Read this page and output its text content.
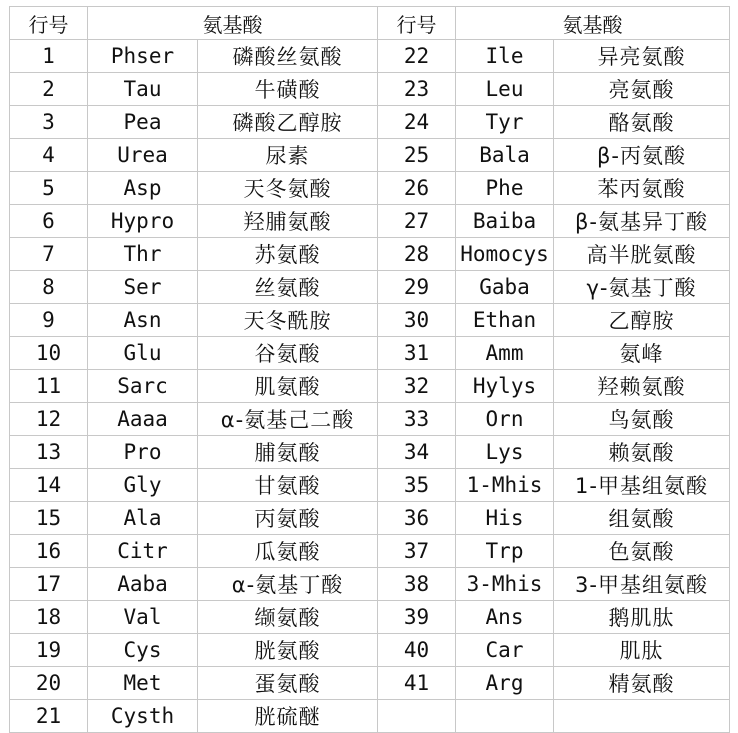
行号	氨基酸		行号	氨基酸	
1	Phser	磷酸丝氨酸	22	Ile	异亮氨酸
2	Tau	牛磺酸	23	Leu	亮氨酸
3	Pea	磷酸乙醇胺	24	Tyr	酪氨酸
4	Urea	尿素	25	Bala	β-丙氨酸
5	Asp	天冬氨酸	26	Phe	苯丙氨酸
6	Hypro	羟脯氨酸	27	Baiba	β-氨基异丁酸
7	Thr	苏氨酸	28	Homocys	高半胱氨酸
8	Ser	丝氨酸	29	Gaba	γ-氨基丁酸
9	Asn	天冬酰胺	30	Ethan	乙醇胺
10	Glu	谷氨酸	31	Amm	氨峰
11	Sarc	肌氨酸	32	Hylys	羟赖氨酸
12	Aaaa	α-氨基己二酸	33	Orn	鸟氨酸
13	Pro	脯氨酸	34	Lys	赖氨酸
14	Gly	甘氨酸	35	1-Mhis	1-甲基组氨酸
15	Ala	丙氨酸	36	His	组氨酸
16	Citr	瓜氨酸	37	Trp	色氨酸
17	Aaba	α-氨基丁酸	38	3-Mhis	3-甲基组氨酸
18	Val	缬氨酸	39	Ans	鹅肌肽
19	Cys	胱氨酸	40	Car	肌肽
20	Met	蛋氨酸	41	Arg	精氨酸
21	Cysth	胱硫醚			
